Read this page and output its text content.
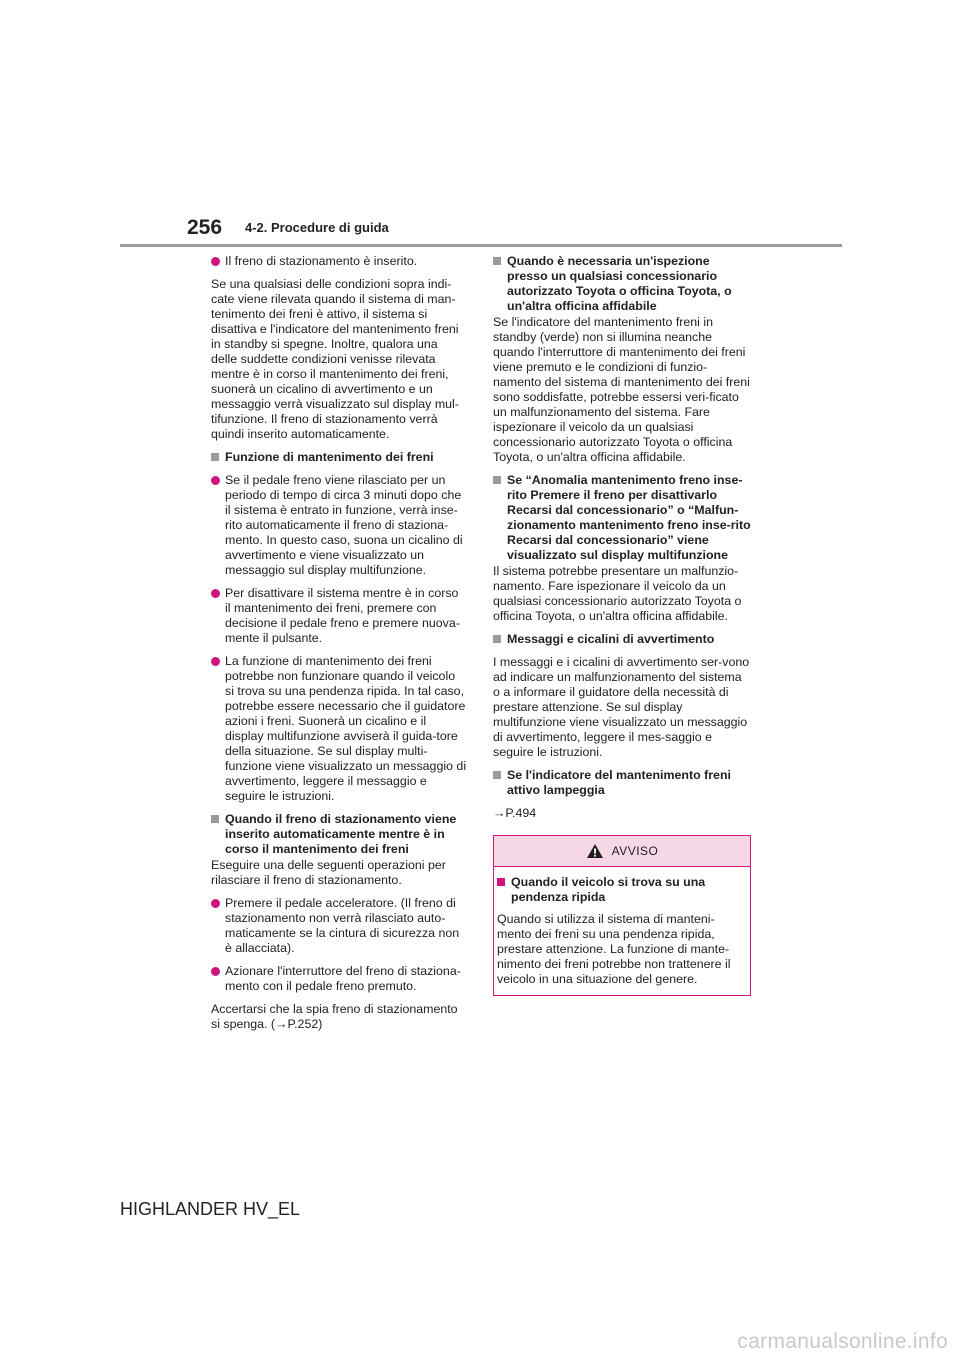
256 4-2. Procedure di guida

Il freno di stazionamento è inserito.

Se una qualsiasi delle condizioni sopra indi-cate viene rilevata quando il sistema di man-tenimento dei freni è attivo, il sistema si disattiva e l'indicatore del mantenimento freni in standby si spegne. Inoltre, qualora una delle suddette condizioni venisse rilevata mentre è in corso il mantenimento dei freni, suonerà un cicalino di avvertimento e un messaggio verrà visualizzato sul display mul-tifunzione. Il freno di stazionamento verrà quindi inserito automaticamente.

Funzione di mantenimento dei freni

Se il pedale freno viene rilasciato per un periodo di tempo di circa 3 minuti dopo che il sistema è entrato in funzione, verrà inse-rito automaticamente il freno di staziona-mento. In questo caso, suona un cicalino di avvertimento e viene visualizzato un messaggio sul display multifunzione.

Per disattivare il sistema mentre è in corso il mantenimento dei freni, premere con decisione il pedale freno e premere nuova-mente il pulsante.

La funzione di mantenimento dei freni potrebbe non funzionare quando il veicolo si trova su una pendenza ripida. In tal caso, potrebbe essere necessario che il guidatore azioni i freni. Suonerà un cicalino e il display multifunzione avviserà il guida-tore della situazione. Se sul display multi-funzione viene visualizzato un messaggio di avvertimento, leggere il messaggio e seguire le istruzioni.

Quando il freno di stazionamento viene inserito automaticamente mentre è in corso il mantenimento dei freni

Eseguire una delle seguenti operazioni per rilasciare il freno di stazionamento.

Premere il pedale acceleratore. (Il freno di stazionamento non verrà rilasciato auto-maticamente se la cintura di sicurezza non è allacciata).

Azionare l'interruttore del freno di staziona-mento con il pedale freno premuto.

Accertarsi che la spia freno di stazionamento si spenga. (→P.252)

Quando è necessaria un'ispezione presso un qualsiasi concessionario autorizzato Toyota o officina Toyota, o un'altra officina affidabile

Se l'indicatore del mantenimento freni in standby (verde) non si illumina neanche quando l'interruttore di mantenimento dei freni viene premuto e le condizioni di funzio-namento del sistema di mantenimento dei freni sono soddisfatte, potrebbe essersi veri-ficato un malfunzionamento del sistema. Fare ispezionare il veicolo da un qualsiasi concessionario autorizzato Toyota o officina Toyota, o un'altra officina affidabile.

Se “Anomalia mantenimento freno inse-rito Premere il freno per disattivarlo Recarsi dal concessionario” o “Malfun-zionamento mantenimento freno inse-rito Recarsi dal concessionario” viene visualizzato sul display multifunzione

Il sistema potrebbe presentare un malfunzio-namento. Fare ispezionare il veicolo da un qualsiasi concessionario autorizzato Toyota o officina Toyota, o un'altra officina affidabile.

Messaggi e cicalini di avvertimento

I messaggi e i cicalini di avvertimento ser-vono ad indicare un malfunzionamento del sistema o a informare il guidatore della necessità di prestare attenzione. Se sul display multifunzione viene visualizzato un messaggio di avvertimento, leggere il mes-saggio e seguire le istruzioni.

Se l'indicatore del mantenimento freni attivo lampeggia

→P.494

AVVISO
Quando il veicolo si trova su una pendenza ripida

Quando si utilizza il sistema di manteni-mento dei freni su una pendenza ripida, prestare attenzione. La funzione di mante-nimento dei freni potrebbe non trattenere il veicolo in una situazione del genere.

HIGHLANDER HV_EL
carmanualsonline.info
